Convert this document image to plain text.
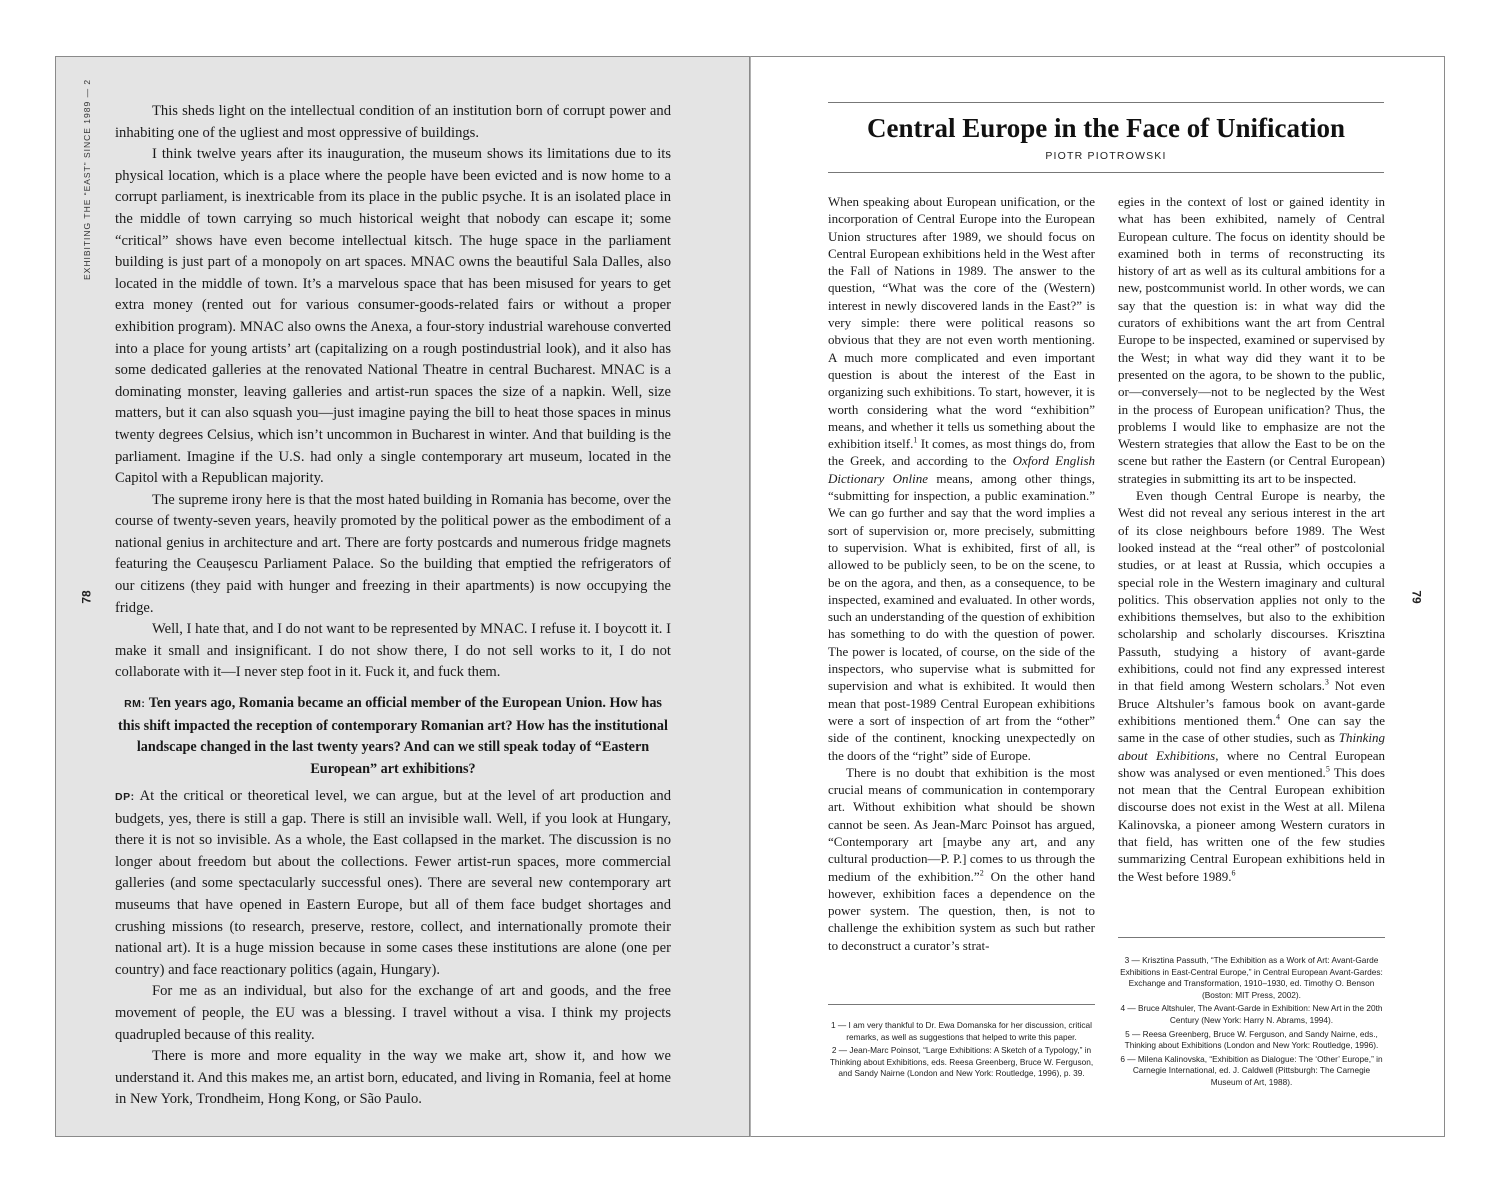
EXHIBITING THE “EAST” SINCE 1989 — 2
78	79

This sheds light on the intellectual condition of an institution born of corrupt power and inhabiting one of the ugliest and most oppressive of buildings.

I think twelve years after its inauguration, the museum shows its limitations due to its physical location, which is a place where the people have been evicted and is now home to a corrupt parliament, is inextricable from its place in the public psyche. It is an isolated place in the middle of town carrying so much historical weight that nobody can escape it; some “critical” shows have even become intellectual kitsch. The huge space in the parliament building is just part of a monopoly on art spaces. MNAC owns the beautiful Sala Dalles, also located in the middle of town. It’s a marvelous space that has been misused for years to get extra money (rented out for various consumer-goods-related fairs or without a proper exhibition program). MNAC also owns the Anexa, a four-story industrial warehouse converted into a place for young artists’ art (capitalizing on a rough postindustrial look), and it also has some dedicated galleries at the renovated National Theatre in central Bucharest. MNAC is a dominating monster, leaving galleries and artist-run spaces the size of a napkin. Well, size matters, but it can also squash you—just imagine paying the bill to heat those spaces in minus twenty degrees Celsius, which isn’t uncommon in Bucharest in winter. And that building is the parliament. Imagine if the U.S. had only a single contemporary art museum, located in the Capitol with a Republican majority.

The supreme irony here is that the most hated building in Romania has become, over the course of twenty-seven years, heavily promoted by the political power as the embodiment of a national genius in architecture and art. There are forty postcards and numerous fridge magnets featuring the Ceaușescu Parliament Palace. So the building that emptied the refrigerators of our citizens (they paid with hunger and freezing in their apartments) is now occupying the fridge.

Well, I hate that, and I do not want to be represented by MNAC. I refuse it. I boycott it. I make it small and insignificant. I do not show there, I do not sell works to it, I do not collaborate with it—I never step foot in it. Fuck it, and fuck them.

RM: Ten years ago, Romania became an official member of the European Union. How has this shift impacted the reception of contemporary Romanian art? How has the institutional landscape changed in the last twenty years? And can we still speak today of “Eastern European” art exhibitions?

DP: At the critical or theoretical level, we can argue, but at the level of art production and budgets, yes, there is still a gap. There is still an invisible wall. Well, if you look at Hungary, there it is not so invisible. As a whole, the East collapsed in the market. The discussion is no longer about freedom but about the collections. Fewer artist-run spaces, more commercial galleries (and some spectacularly successful ones). There are several new contemporary art museums that have opened in Eastern Europe, but all of them face budget shortages and crushing missions (to research, preserve, restore, collect, and internationally promote their national art). It is a huge mission because in some cases these institutions are alone (one per country) and face reactionary politics (again, Hungary).

For me as an individual, but also for the exchange of art and goods, and the free movement of people, the EU was a blessing. I travel without a visa. I think my projects quadrupled because of this reality.

There is more and more equality in the way we make art, show it, and how we understand it. And this makes me, an artist born, educated, and living in Romania, feel at home in New York, Trondheim, Hong Kong, or São Paulo.

Central Europe in the Face of Unification
PIOTR PIOTROWSKI

When speaking about European unification, or the incorporation of Central Europe into the European Union structures after 1989, we should focus on Central European exhibitions held in the West after the Fall of Nations in 1989. The answer to the question, “What was the core of the (Western) interest in newly discovered lands in the East?” is very simple: there were political reasons so obvious that they are not even worth mentioning. A much more complicated and even important question is about the interest of the East in organizing such exhibitions. To start, however, it is worth considering what the word “exhibition” means, and whether it tells us something about the exhibition itself.$^1$ It comes, as most things do, from the Greek, and according to the Oxford English Dictionary Online means, among other things, “submitting for inspection, a public examination.” We can go further and say that the word implies a sort of supervision or, more precisely, submitting to supervision. What is exhibited, first of all, is allowed to be publicly seen, to be on the scene, to be on the agora, and then, as a consequence, to be inspected, examined and evaluated. In other words, such an understanding of the question of exhibition has something to do with the question of power. The power is located, of course, on the side of the inspectors, who supervise what is submitted for supervision and what is exhibited. It would then mean that post-1989 Central European exhibitions were a sort of inspection of art from the “other” side of the continent, knocking unexpectedly on the doors of the “right” side of Europe.

There is no doubt that exhibition is the most crucial means of communication in contemporary art. Without exhibition what should be shown cannot be seen. As Jean-Marc Poinsot has argued, “Contemporary art [maybe any art, and any cultural production—P. P.] comes to us through the medium of the exhibition.”$^2$ On the other hand however, exhibition faces a dependence on the power system. The question, then, is not to challenge the exhibition system as such but rather to deconstruct a curator’s strat-

egies in the context of lost or gained identity in what has been exhibited, namely of Central European culture. The focus on identity should be examined both in terms of reconstructing its history of art as well as its cultural ambitions for a new, postcommunist world. In other words, we can say that the question is: in what way did the curators of exhibitions want the art from Central Europe to be inspected, examined or supervised by the West; in what way did they want it to be presented on the agora, to be shown to the public, or—conversely—not to be neglected by the West in the process of European unification? Thus, the problems I would like to emphasize are not the Western strategies that allow the East to be on the scene but rather the Eastern (or Central European) strategies in submitting its art to be inspected.

Even though Central Europe is nearby, the West did not reveal any serious interest in the art of its close neighbours before 1989. The West looked instead at the “real other” of postcolonial studies, or at least at Russia, which occupies a special role in the Western imaginary and cultural politics. This observation applies not only to the exhibitions themselves, but also to the exhibition scholarship and scholarly discourses. Krisztina Passuth, studying a history of avant-garde exhibitions, could not find any expressed interest in that field among Western scholars.$^3$ Not even Bruce Altshuler’s famous book on avant-garde exhibitions mentioned them.$^4$ One can say the same in the case of other studies, such as Thinking about Exhibitions, where no Central European show was analysed or even mentioned.$^5$ This does not mean that the Central European exhibition discourse does not exist in the West at all. Milena Kalinovska, a pioneer among Western curators in that field, has written one of the few studies summarizing Central European exhibitions held in the West before 1989.$^6$

1 — I am very thankful to Dr. Ewa Domanska for her discussion, critical remarks, as well as suggestions that helped to write this paper.

2 — Jean-Marc Poinsot, “Large Exhibitions: A Sketch of a Typology,” in Thinking about Exhibitions, eds. Reesa Greenberg, Bruce W. Ferguson, and Sandy Nairne (London and New York: Routledge, 1996), p. 39.

3 — Krisztina Passuth, “The Exhibition as a Work of Art: Avant-Garde Exhibitions in East-Central Europe,” in Central European Avant-Gardes: Exchange and Transformation, 1910–1930, ed. Timothy O. Benson (Boston: MIT Press, 2002).

4 — Bruce Altshuler, The Avant-Garde in Exhibition: New Art in the 20th Century (New York: Harry N. Abrams, 1994).

5 — Reesa Greenberg, Bruce W. Ferguson, and Sandy Nairne, eds., Thinking about Exhibitions (London and New York: Routledge, 1996).

6 — Milena Kalinovska, “Exhibition as Dialogue: The ‘Other’ Europe,” in Carnegie International, ed. J. Caldwell (Pittsburgh: The Carnegie Museum of Art, 1988).
